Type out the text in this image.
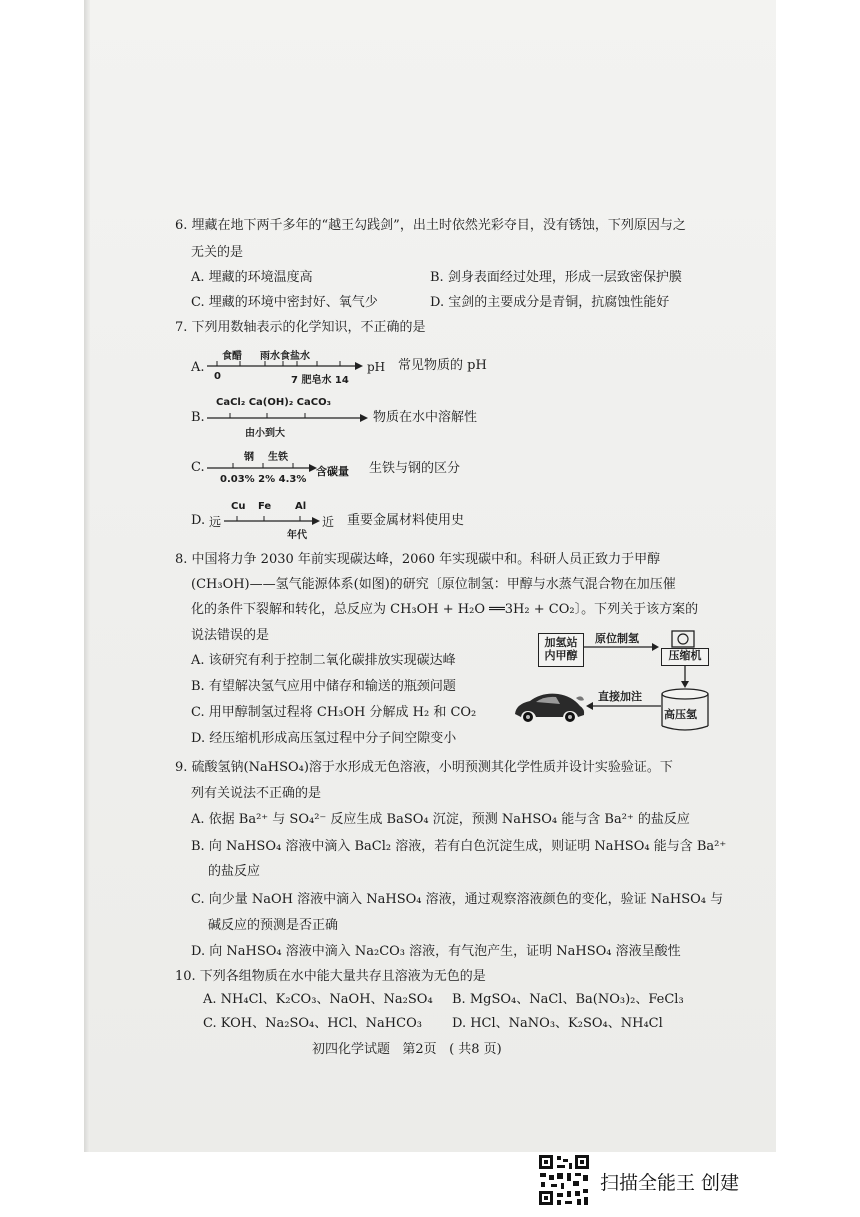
6. 埋藏在地下两千多年的“越王勾践剑”，出土时依然光彩夺目，没有锈蚀，下列原因与之
无关的是
A. 埋藏的环境温度高	B. 剑身表面经过处理，形成一层致密保护膜
C. 埋藏的环境中密封好、氧气少	D. 宝剑的主要成分是青铜，抗腐蚀性能好
7. 下列用数轴表示的化学知识，不正确的是
A.
食醋 雨水食盐水
0	7 肥皂水 14
pH 常见物质的 pH
B.
CaCl₂ Ca(OH)₂ CaCO₃
由小到大
物质在水中溶解性
C.
钢 生铁
0.03% 2% 4.3%
含碳量 生铁与钢的区分
D. 远
Cu Fe Al
年代
近 重要金属材料使用史
8. 中国将力争 2030 年前实现碳达峰，2060 年实现碳中和。科研人员正致力于甲醇
(CH₃OH)——氢气能源体系(如图)的研究〔原位制氢：甲醇与水蒸气混合物在加压催
化的条件下裂解和转化，总反应为 CH₃OH + H₂O ══3H₂ + CO₂〕。下列关于该方案的
说法错误的是
A. 该研究有利于控制二氧化碳排放实现碳达峰
B. 有望解决氢气应用中储存和输送的瓶颈问题
C. 用甲醇制氢过程将 CH₃OH 分解成 H₂ 和 CO₂
D. 经压缩机形成高压氢过程中分子间空隙变小
加氢站
内甲醇
原位制氢
压缩机
高压氢
直接加注
9. 硫酸氢钠(NaHSO₄)溶于水形成无色溶液，小明预测其化学性质并设计实验验证。下
列有关说法不正确的是
A. 依据 Ba²⁺ 与 SO₄²⁻ 反应生成 BaSO₄ 沉淀，预测 NaHSO₄ 能与含 Ba²⁺ 的盐反应
B. 向 NaHSO₄ 溶液中滴入 BaCl₂ 溶液，若有白色沉淀生成，则证明 NaHSO₄ 能与含 Ba²⁺
的盐反应
C. 向少量 NaOH 溶液中滴入 NaHSO₄ 溶液，通过观察溶液颜色的变化，验证 NaHSO₄ 与
碱反应的预测是否正确
D. 向 NaHSO₄ 溶液中滴入 Na₂CO₃ 溶液，有气泡产生，证明 NaHSO₄ 溶液呈酸性
10. 下列各组物质在水中能大量共存且溶液为无色的是
A. NH₄Cl、K₂CO₃、NaOH、Na₂SO₄ B. MgSO₄、NaCl、Ba(NO₃)₂、FeCl₃
C. KOH、Na₂SO₄、HCl、NaHCO₃ D. HCl、NaNO₃、K₂SO₄、NH₄Cl
初四化学试题   第2页   ( 共8 页)
扫描全能王 创建
